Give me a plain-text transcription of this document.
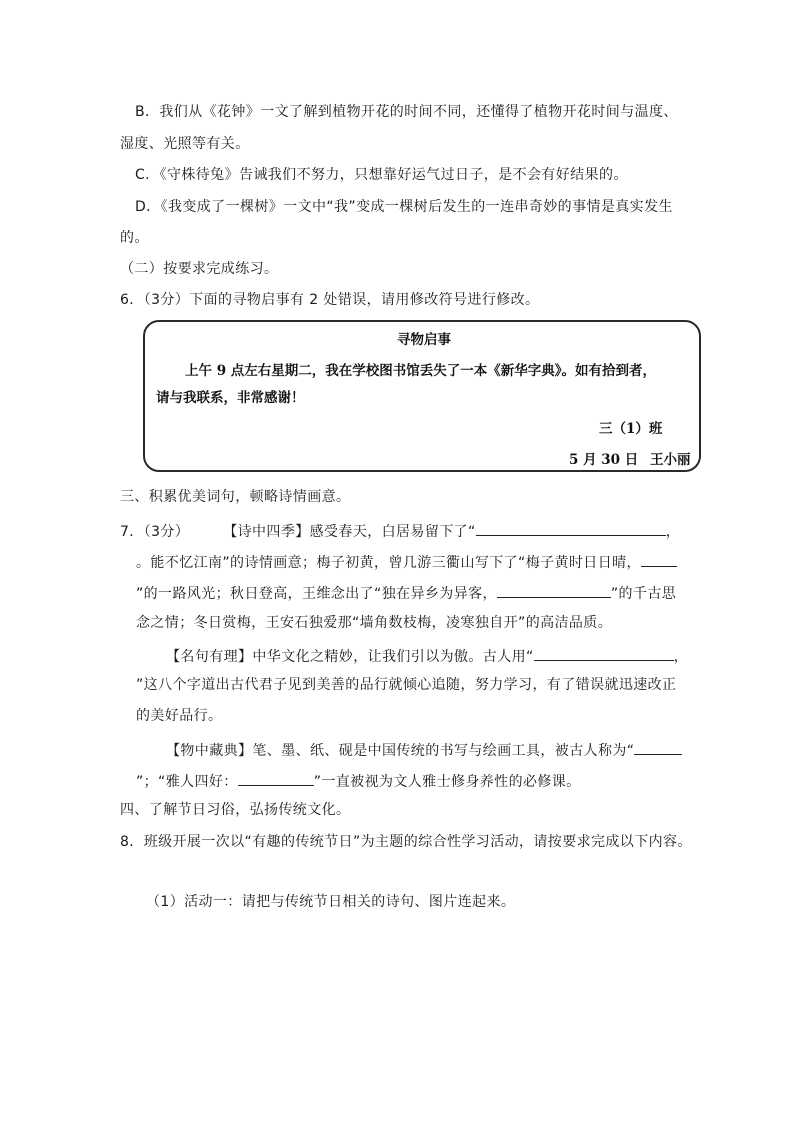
B．我们从《花钟》一文了解到植物开花的时间不同，还懂得了植物开花时间与温度、
湿度、光照等有关。
C．《守株待兔》告诫我们不努力，只想靠好运气过日子，是不会有好结果的。
D．《我变成了一棵树》一文中“我”变成一棵树后发生的一连串奇妙的事情是真实发生
的。
（二）按要求完成练习。
6．（3分）下面的寻物启事有 2 处错误，请用修改符号进行修改。
寻物启事
上午 9 点左右星期二，我在学校图书馆丢失了一本《新华字典》。如有拾到者，
请与我联系，非常感谢！
三（1）班
5 月 30 日 王小丽
三、积累优美词句，顿略诗情画意。
7．（3分） 【诗中四季】感受春天，白居易留下了“	，
。能不忆江南”的诗情画意；梅子初黄，曾几游三衢山写下了“梅子黄时日日晴，
”的一路风光；秋日登高，王维念出了“独在异乡为异客，	”的千古思
念之情；冬日赏梅，王安石独爱那“墙角数枝梅，凌寒独自开”的高洁品质。
【名句有理】中华文化之精妙，让我们引以为傲。古人用“	，
”这八个字道出古代君子见到美善的品行就倾心追随，努力学习，有了错误就迅速改正
的美好品行。
【物中藏典】笔、墨、纸、砚是中国传统的书写与绘画工具，被古人称为“
”；“雅人四好：	”一直被视为文人雅士修身养性的必修课。
四、了解节日习俗，弘扬传统文化。
8．班级开展一次以“有趣的传统节日”为主题的综合性学习活动，请按要求完成以下内容。
（1）活动一：请把与传统节日相关的诗句、图片连起来。
